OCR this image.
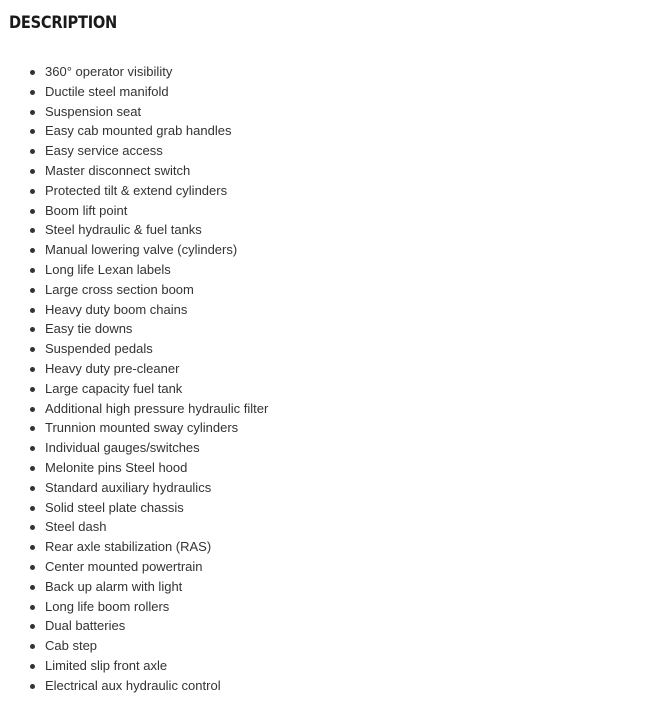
DESCRIPTION
360° operator visibility
Ductile steel manifold
Suspension seat
Easy cab mounted grab handles
Easy service access
Master disconnect switch
Protected tilt & extend cylinders
Boom lift point
Steel hydraulic & fuel tanks
Manual lowering valve (cylinders)
Long life Lexan labels
Large cross section boom
Heavy duty boom chains
Easy tie downs
Suspended pedals
Heavy duty pre-cleaner
Large capacity fuel tank
Additional high pressure hydraulic filter
Trunnion mounted sway cylinders
Individual gauges/switches
Melonite pins Steel hood
Standard auxiliary hydraulics
Solid steel plate chassis
Steel dash
Rear axle stabilization (RAS)
Center mounted powertrain
Back up alarm with light
Long life boom rollers
Dual batteries
Cab step
Limited slip front axle
Electrical aux hydraulic control
